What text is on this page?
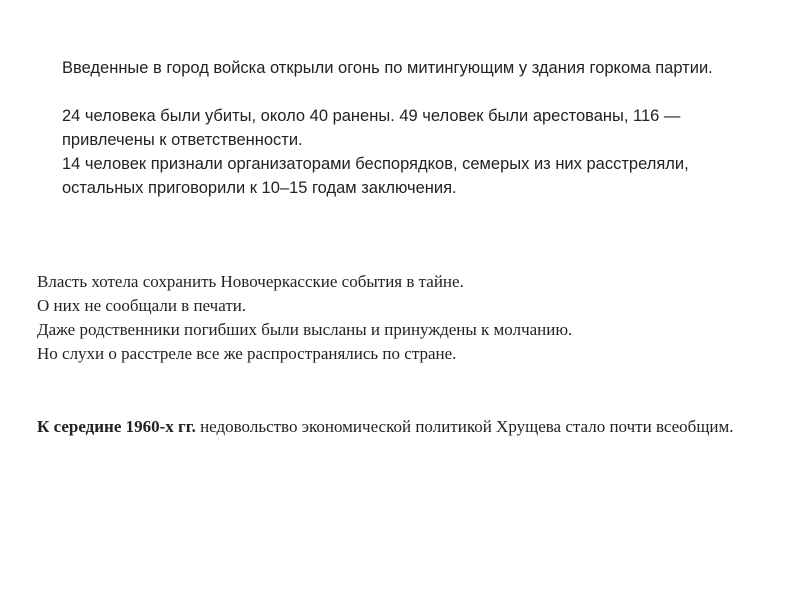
Введенные в город войска открыли огонь по митингующим у здания горкома партии.

24 человека были убиты, около 40 ранены. 49 человек были арестованы, 116 — привлечены к ответственности.

14 человек признали организаторами беспорядков, семерых из них расстреляли, остальных приговорили к 10–15 годам заключения.

Власть хотела сохранить Новочеркасские события в тайне.

О них не сообщали в печати.

Даже родственники погибших были высланы и принуждены к молчанию.

Но слухи о расстреле все же распространялись по стране.

К середине 1960-х гг. недовольство экономической политикой Хрущева стало почти всеобщим.
